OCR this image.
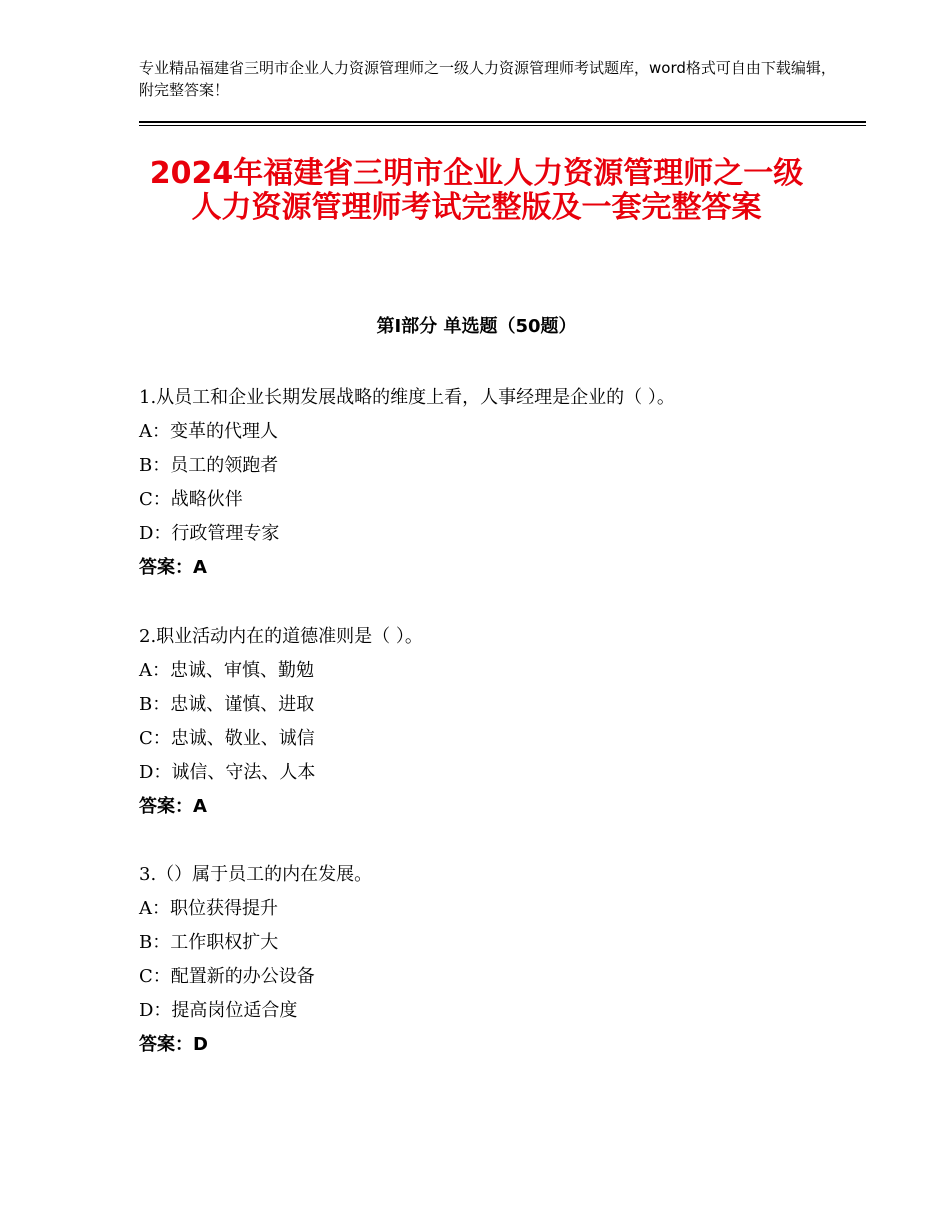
专业精品福建省三明市企业人力资源管理师之一级人力资源管理师考试题库，word格式可自由下载编辑，附完整答案！
2024年福建省三明市企业人力资源管理师之一级人力资源管理师考试完整版及一套完整答案
第Ⅰ部分 单选题（50题）
1.从员工和企业长期发展战略的维度上看，人事经理是企业的（ ）。
A：变革的代理人
B：员工的领跑者
C：战略伙伴
D：行政管理专家
答案：A
2.职业活动内在的道德准则是（ ）。
A：忠诚、审慎、勤勉
B：忠诚、谨慎、进取
C：忠诚、敬业、诚信
D：诚信、守法、人本
答案：A
3.（）属于员工的内在发展。
A：职位获得提升
B：工作职权扩大
C：配置新的办公设备
D：提高岗位适合度
答案：D
